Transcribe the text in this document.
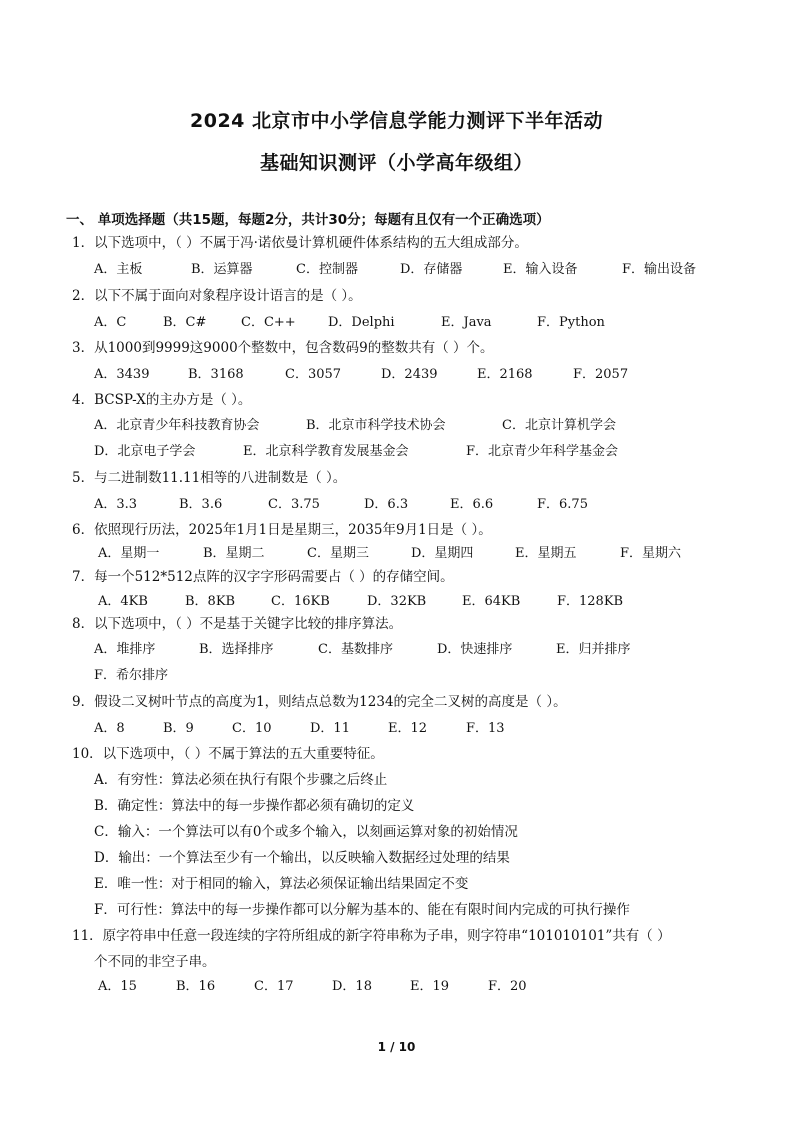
2024 北京市中小学信息学能力测评下半年活动
基础知识测评（小学高年级组）
一、 单项选择题（共15题，每题2分，共计30分；每题有且仅有一个正确选项）
1．以下选项中，（ ）不属于冯·诺依曼计算机硬件体系结构的五大组成部分。
A．主板	B．运算器	C．控制器	D．存储器	E．输入设备	F．输出设备
2．以下不属于面向对象程序设计语言的是（ ）。
A．C	B．C#	C．C++ D．Delphi	E．Java	F．Python
3．从1000到9999这9000个整数中，包含数码9的整数共有（ ）个。
A．3439	B．3168	C．3057	D．2439	E．2168	F．2057
4．BCSP-X的主办方是（ ）。
A．北京青少年科技教育协会	B．北京市科学技术协会	C．北京计算机学会
D．北京电子学会	E．北京科学教育发展基金会	F．北京青少年科学基金会
5．与二进制数11.11相等的八进制数是（ ）。
A．3.3	B．3.6	C．3.75	D．6.3	E．6.6	F．6.75
6．依照现行历法，2025年1月1日是星期三，2035年9月1日是（ ）。
A．星期一	B．星期二	C．星期三	D．星期四	E．星期五	F．星期六
7．每一个512*512点阵的汉字字形码需要占（ ）的存储空间。
A．4KB	B．8KB	C．16KB	D．32KB	E．64KB	F．128KB
8．以下选项中，（ ）不是基于关键字比较的排序算法。
A．堆排序	B．选择排序	C．基数排序	D．快速排序	E．归并排序
F．希尔排序
9．假设二叉树叶节点的高度为1，则结点总数为1234的完全二叉树的高度是（ ）。
A．8	B．9	C．10	D．11	E．12	F．13
10．以下选项中，（ ）不属于算法的五大重要特征。
A．有穷性：算法必须在执行有限个步骤之后终止
B．确定性：算法中的每一步操作都必须有确切的定义
C．输入：一个算法可以有0个或多个输入，以刻画运算对象的初始情况
D．输出：一个算法至少有一个输出，以反映输入数据经过处理的结果
E．唯一性：对于相同的输入，算法必须保证输出结果固定不变
F．可行性：算法中的每一步操作都可以分解为基本的、能在有限时间内完成的可执行操作
11．原字符串中任意一段连续的字符所组成的新字符串称为子串，则字符串“101010101”共有（ ）
个不同的非空子串。
A．15	B．16	C．17	D．18	E．19	F．20
1 / 10
